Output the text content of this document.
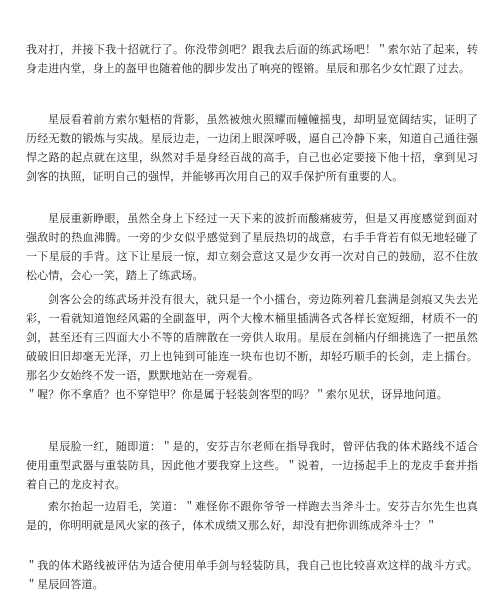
我对打，并接下我十招就行了。你没带剑吧？跟我去后面的练武场吧！＂索尔站了起来，转身走进内堂，身上的盔甲也随着他的脚步发出了响亮的铿锵。星辰和那名少女忙跟了过去。

星辰看着前方索尔魁梧的背影，虽然被烛火照耀而幢幢摇曳，却明显宽阔结实，证明了历经无数的锻炼与实战。星辰边走，一边闭上眼深呼吸，逼自己冷静下来，知道自己通往强悍之路的起点就在这里，纵然对手是身经百战的高手，自己也必定要接下他十招，拿到见习剑客的执照，证明自己的强悍，并能够再次用自己的双手保护所有重要的人。

星辰重新睁眼，虽然全身上下经过一天下来的波折而酸痛疲劳，但是又再度感觉到面对强敌时的热血沸腾。一旁的少女似乎感觉到了星辰热切的战意，右手手背若有似无地轻碰了一下星辰的手背。这下让星辰一惊，却立刻会意这又是少女再一次对自己的鼓励，忍不住放松心情，会心一笑，踏上了练武场。

剑客公会的练武场并没有很大，就只是一个小擂台，旁边陈列着几套满是剑痕又失去光彩，一看就知道饱经风霜的全副盔甲，两个大橡木桶里插满各式各样长宽短细，材质不一的剑，甚至还有三四面大小不等的盾牌散在一旁供人取用。星辰在剑桶内仔细挑选了一把虽然破破旧旧却毫无光泽，刃上也钝到可能连一块布也切不断，却轻巧顺手的长剑，走上擂台。那名少女始终不发一语，默默地站在一旁观看。

＂喔？你不拿盾？也不穿铠甲？你是属于轻装剑客型的吗？＂索尔见状，讶异地问道。

星辰脸一红，随即道：＂是的，安芬吉尔老师在指导我时，曾评估我的体术路线不适合使用重型武器与重装防具，因此他才要我穿上这些。＂说着，一边扬起手上的龙皮手套并指着自己的龙皮衬衣。

索尔抬起一边眉毛，笑道：＂难怪你不跟你爷爷一样跑去当斧斗士。安芬吉尔先生也真是的，你明明就是风火家的孩子，体术成绩又那么好，却没有把你训练成斧斗士？＂

＂我的体术路线被评估为适合使用单手剑与轻装防具，我自己也比较喜欢这样的战斗方式。＂星辰回答道。
